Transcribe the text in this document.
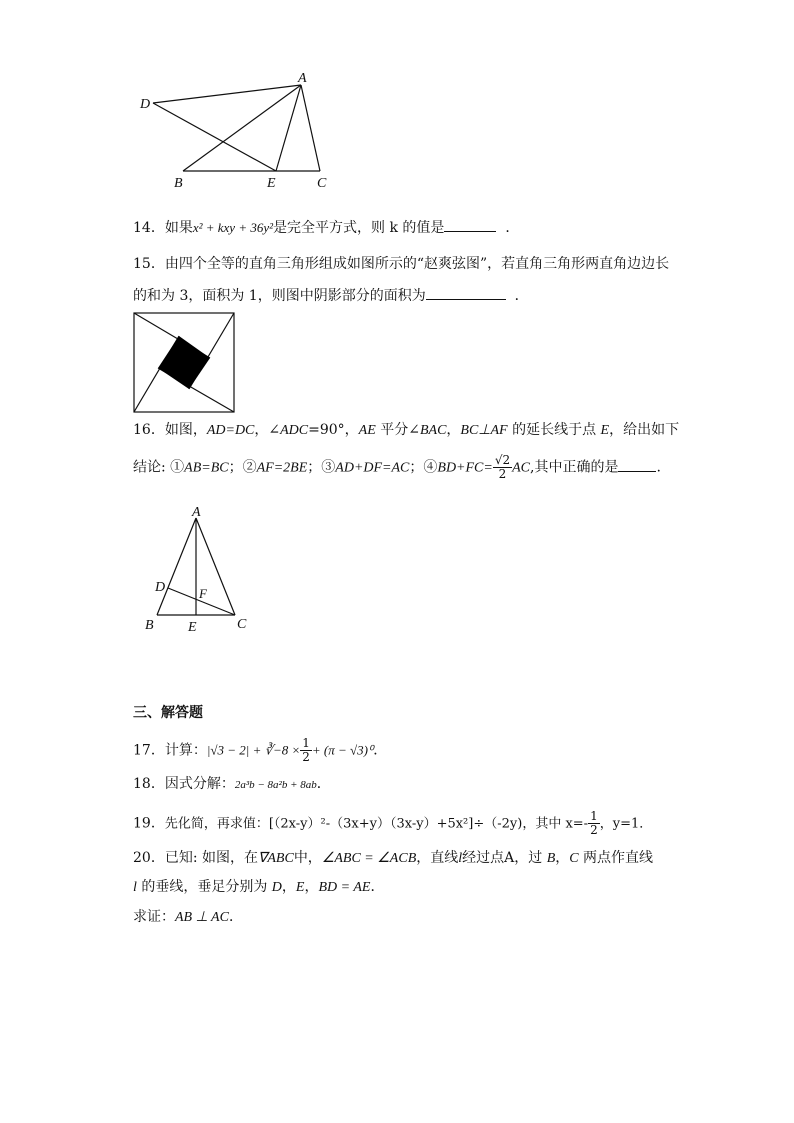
D
A
B	E	C
14．如果x² + kxy + 36y²是完全平方式，则 k 的值是	．
15．由四个全等的直角三角形组成如图所示的“赵爽弦图”，若直角三角形两直角边边长
的和为 3，面积为 1，则图中阴影部分的面积为	．
16．如图，AD=DC，∠ADC=90°，AE 平分∠BAC，BC⊥AF 的延长线于点 E，给出如下
结论: ①AB=BC；②AF=2BE；③AD+DF=AC；④BD+FC= $\frac{√2}{2}$ AC,其中正确的是	.
A
D	F
B E	C
三、解答题
17．计算：|√3 − 2| + ∛−8 × $\frac{1}{2} + (\pi - √3)^0$．
18．因式分解：2a³b − 8a²b + 8ab．
19．先化简，再求值：[（2x-y）²-（3x+y）（3x-y）+5x²]÷（-2y)，其中 $x=- \frac{1}{2}$ ，y=1．
20．已知: 如图，在∇ABC中，∠ABC = ∠ACB，直线l经过点A，过 B，C 两点作直线
l 的垂线，垂足分别为 D，E，BD = AE．
求证：AB ⊥ AC．
